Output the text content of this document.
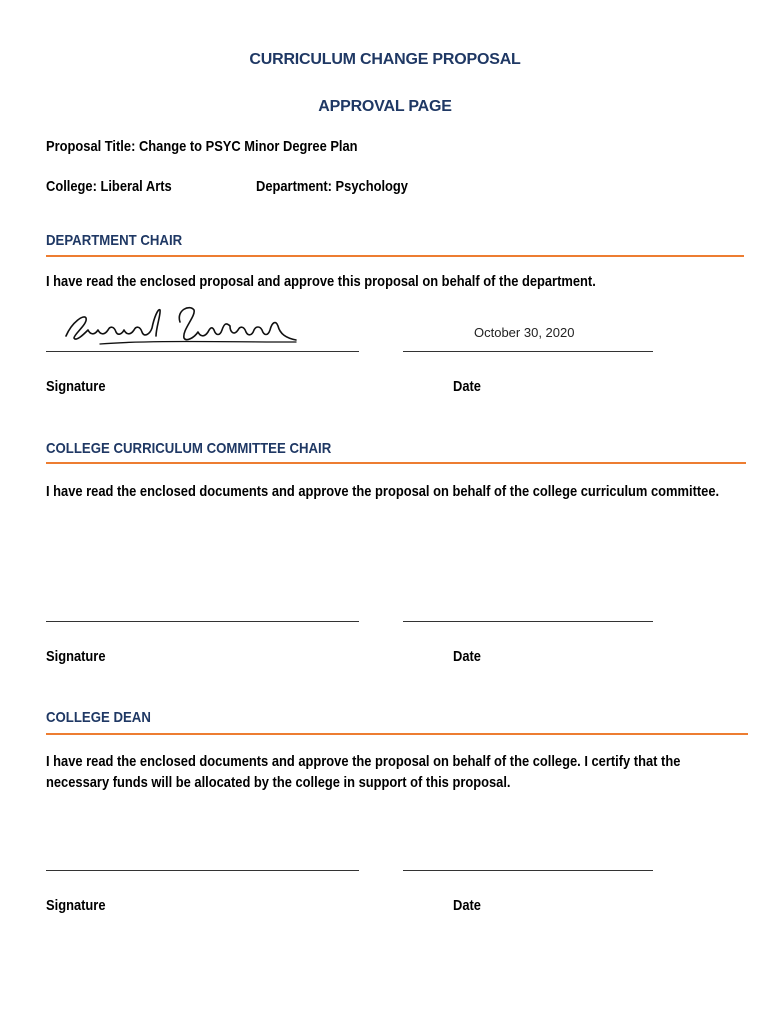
CURRICULUM CHANGE PROPOSAL
APPROVAL PAGE
Proposal Title: Change to PSYC Minor Degree Plan
College: Liberal Arts	Department: Psychology
DEPARTMENT CHAIR
I have read the enclosed proposal and approve this proposal on behalf of the department.
October 30, 2020
Signature	Date
COLLEGE CURRICULUM COMMITTEE CHAIR
I have read the enclosed documents and approve the proposal on behalf of the college curriculum committee.
Signature	Date
COLLEGE DEAN
I have read the enclosed documents and approve the proposal on behalf of the college. I certify that the necessary funds will be allocated by the college in support of this proposal.
Signature	Date
